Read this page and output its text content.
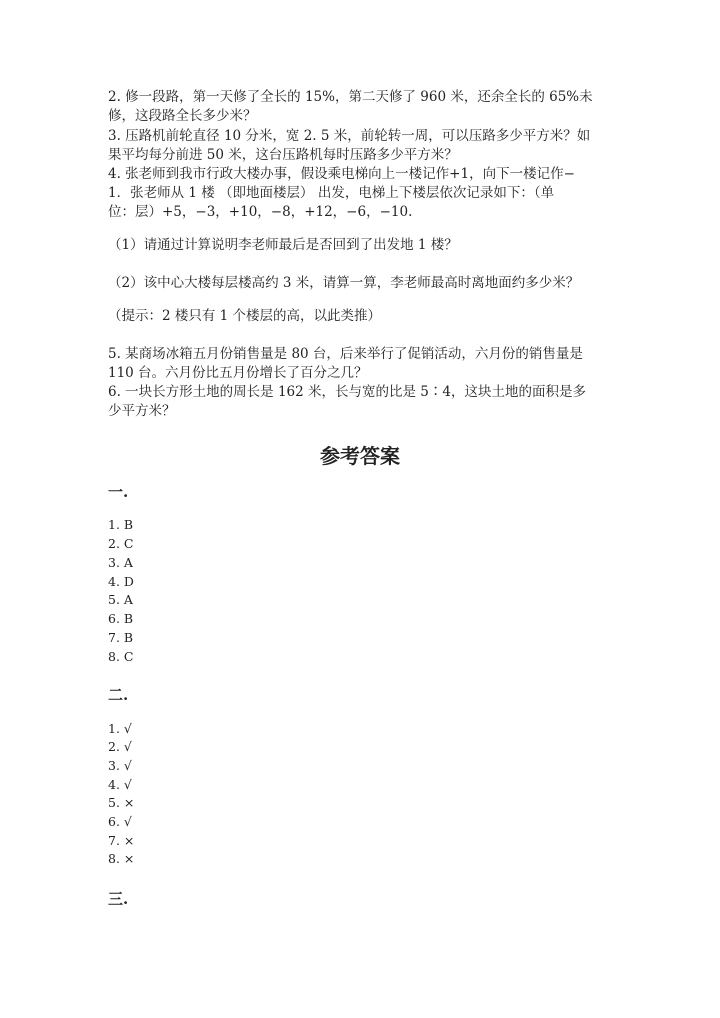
2. 修一段路，第一天修了全长的 15%，第二天修了 960 米，还余全长的 65%未
修，这段路全长多少米？
3. 压路机前轮直径 10 分米，宽 2. 5 米，前轮转一周，可以压路多少平方米？如
果平均每分前进 50 米，这台压路机每时压路多少平方米？
4. 张老师到我市行政大楼办事，假设乘电梯向上一楼记作+1，向下一楼记作−
1．张老师从 1 楼 （即地面楼层） 出发，电梯上下楼层依次记录如下：（单
位：层）+5，−3，+10，−8，+12，−6，−10.
（1）请通过计算说明李老师最后是否回到了出发地 1 楼？
（2）该中心大楼每层楼高约 3 米，请算一算，李老师最高时离地面约多少米？
（提示：2 楼只有 1 个楼层的高，以此类推）
5. 某商场冰箱五月份销售量是 80 台，后来举行了促销活动，六月份的销售量是
110 台。六月份比五月份增长了百分之几？
6. 一块长方形土地的周长是 162 米，长与宽的比是 5∶4，这块土地的面积是多
少平方米？
参考答案
一.
1. B
2. C
3. A
4. D
5. A
6. B
7. B
8. C
二.
1. √
2. √
3. √
4. √
5. ×
6. √
7. ×
8. ×
三.
